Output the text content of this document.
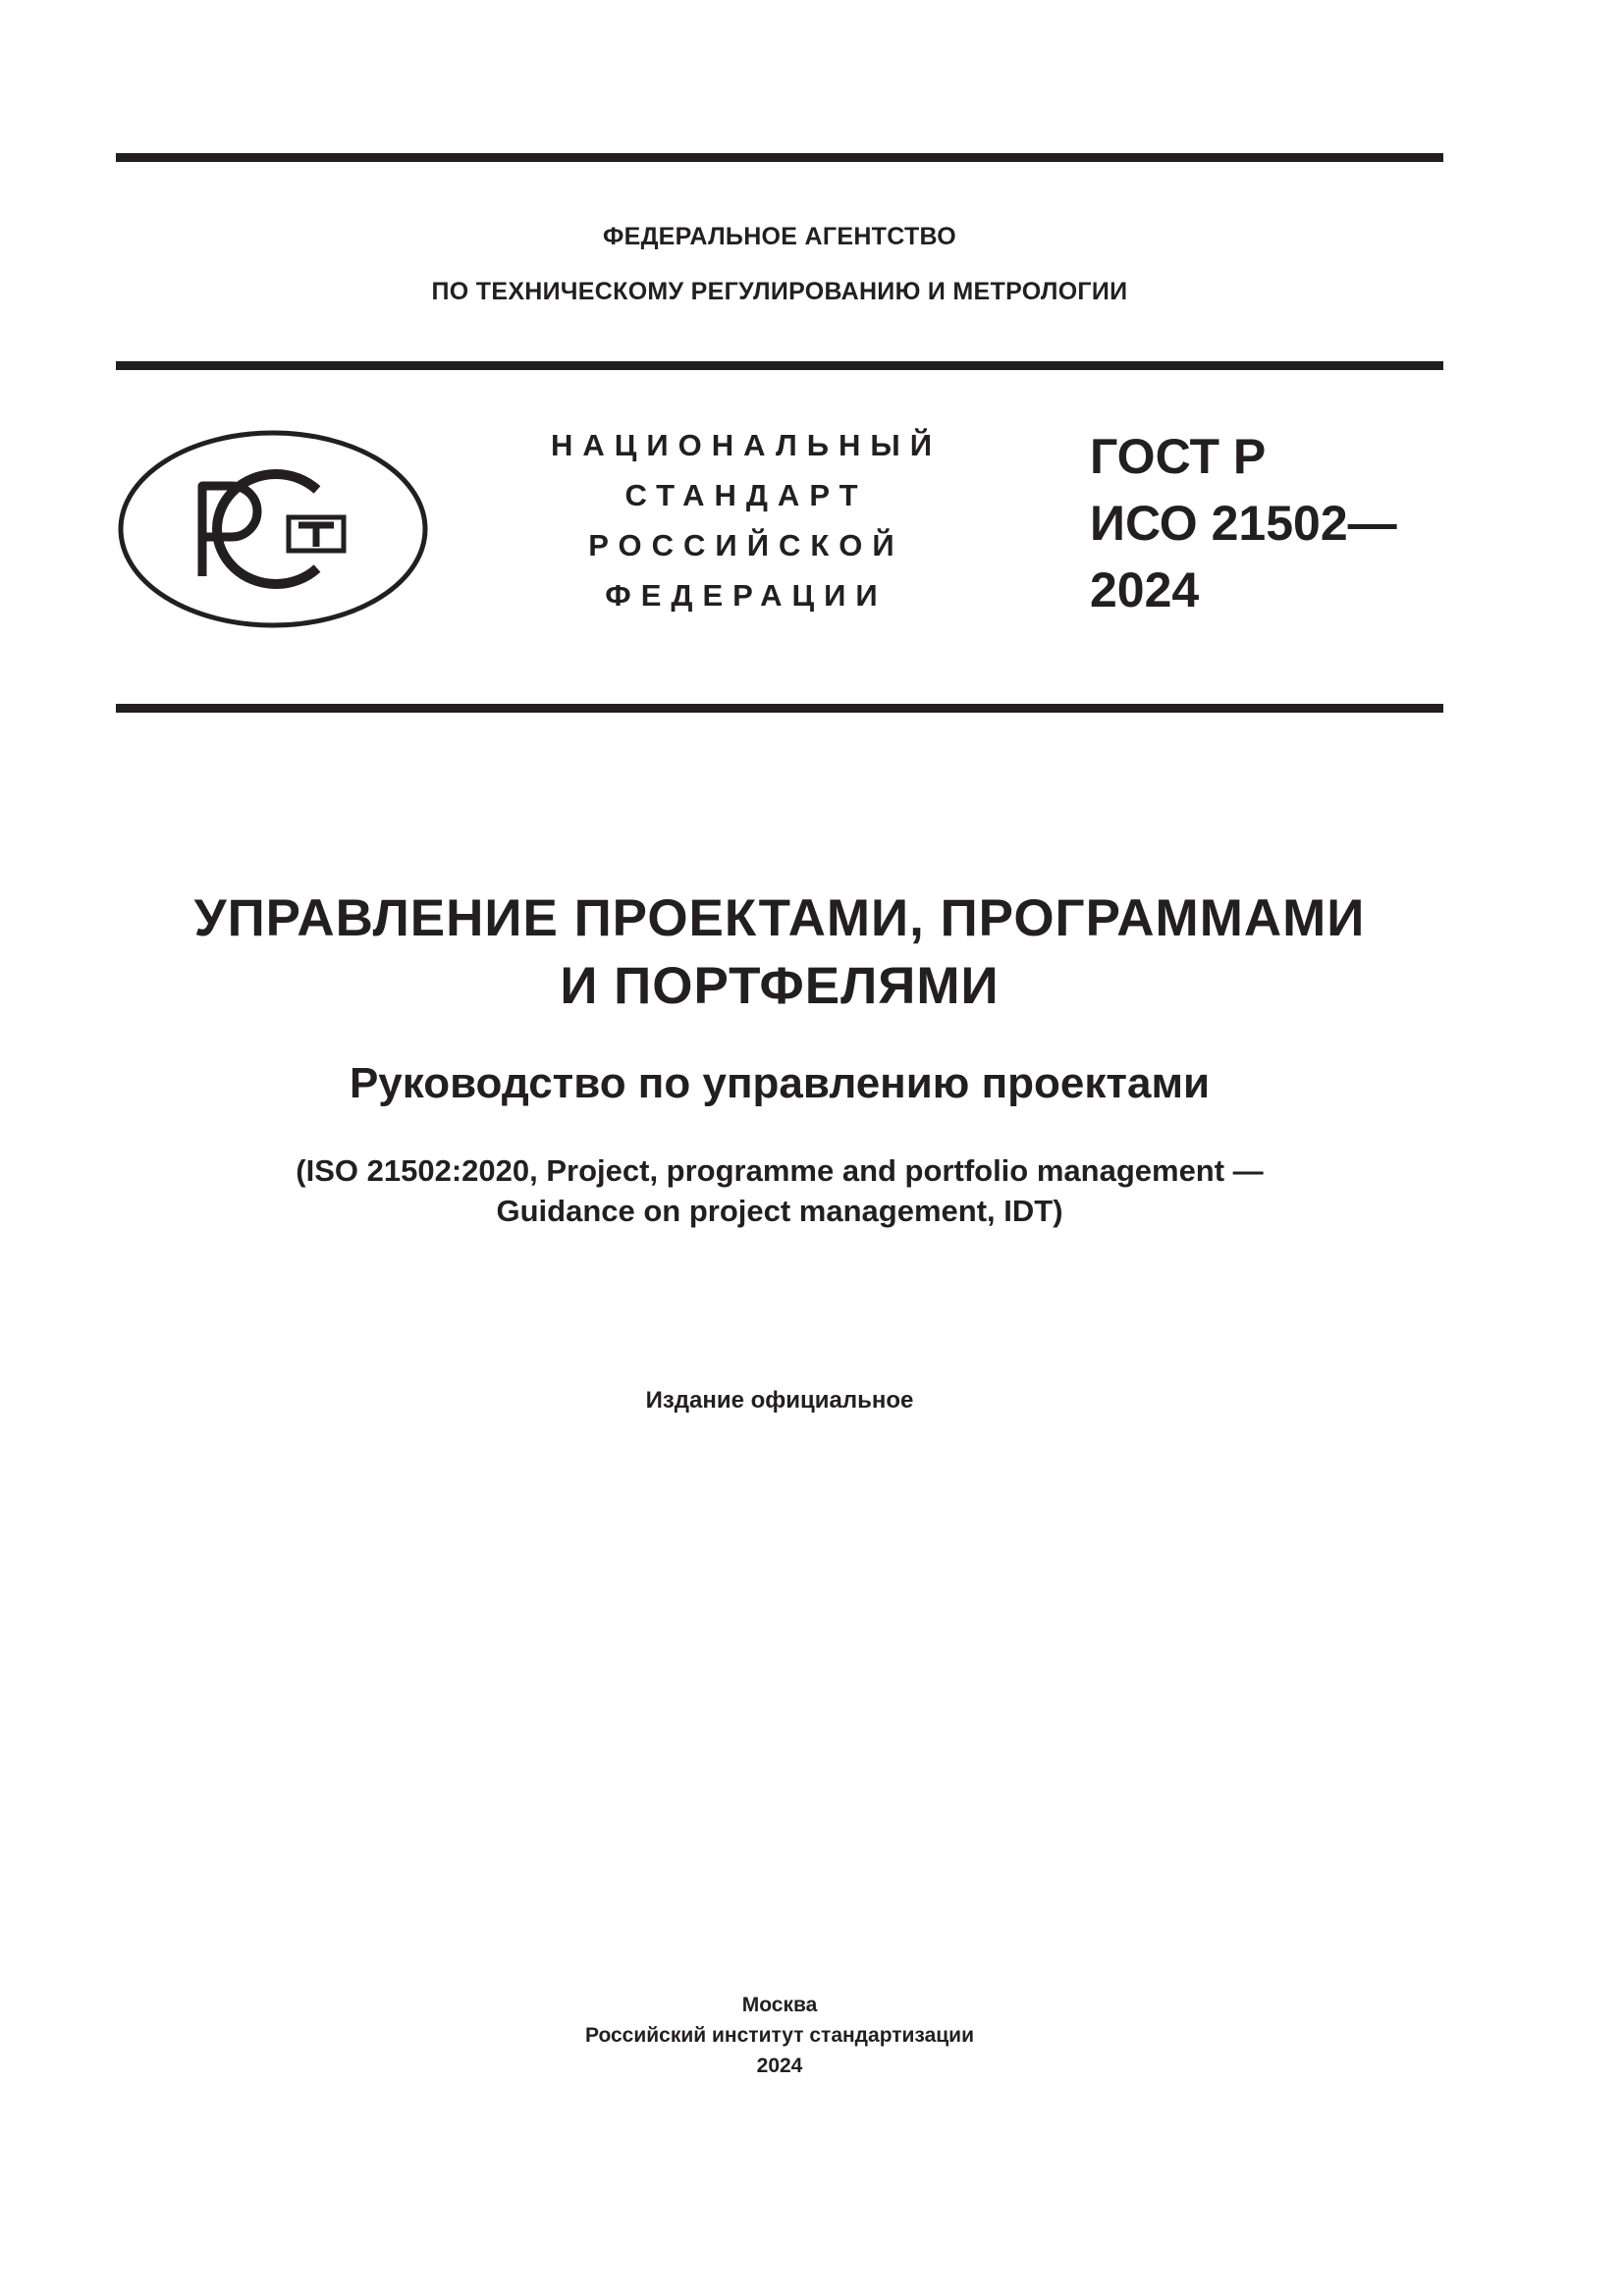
ФЕДЕРАЛЬНОЕ АГЕНТСТВО
ПО ТЕХНИЧЕСКОМУ РЕГУЛИРОВАНИЮ И МЕТРОЛОГИИ
НАЦИОНАЛЬНЫЙ
СТАНДАРТ
РОССИЙСКОЙ
ФЕДЕРАЦИИ
ГОСТ Р
ИСО 21502—
2024
УПРАВЛЕНИЕ ПРОЕКТАМИ, ПРОГРАММАМИ
И ПОРТФЕЛЯМИ
Руководство по управлению проектами
(ISO 21502:2020, Project, programme and portfolio management —
Guidance on project management, IDT)
Издание официальное
Москва
Российский институт стандартизации
2024
